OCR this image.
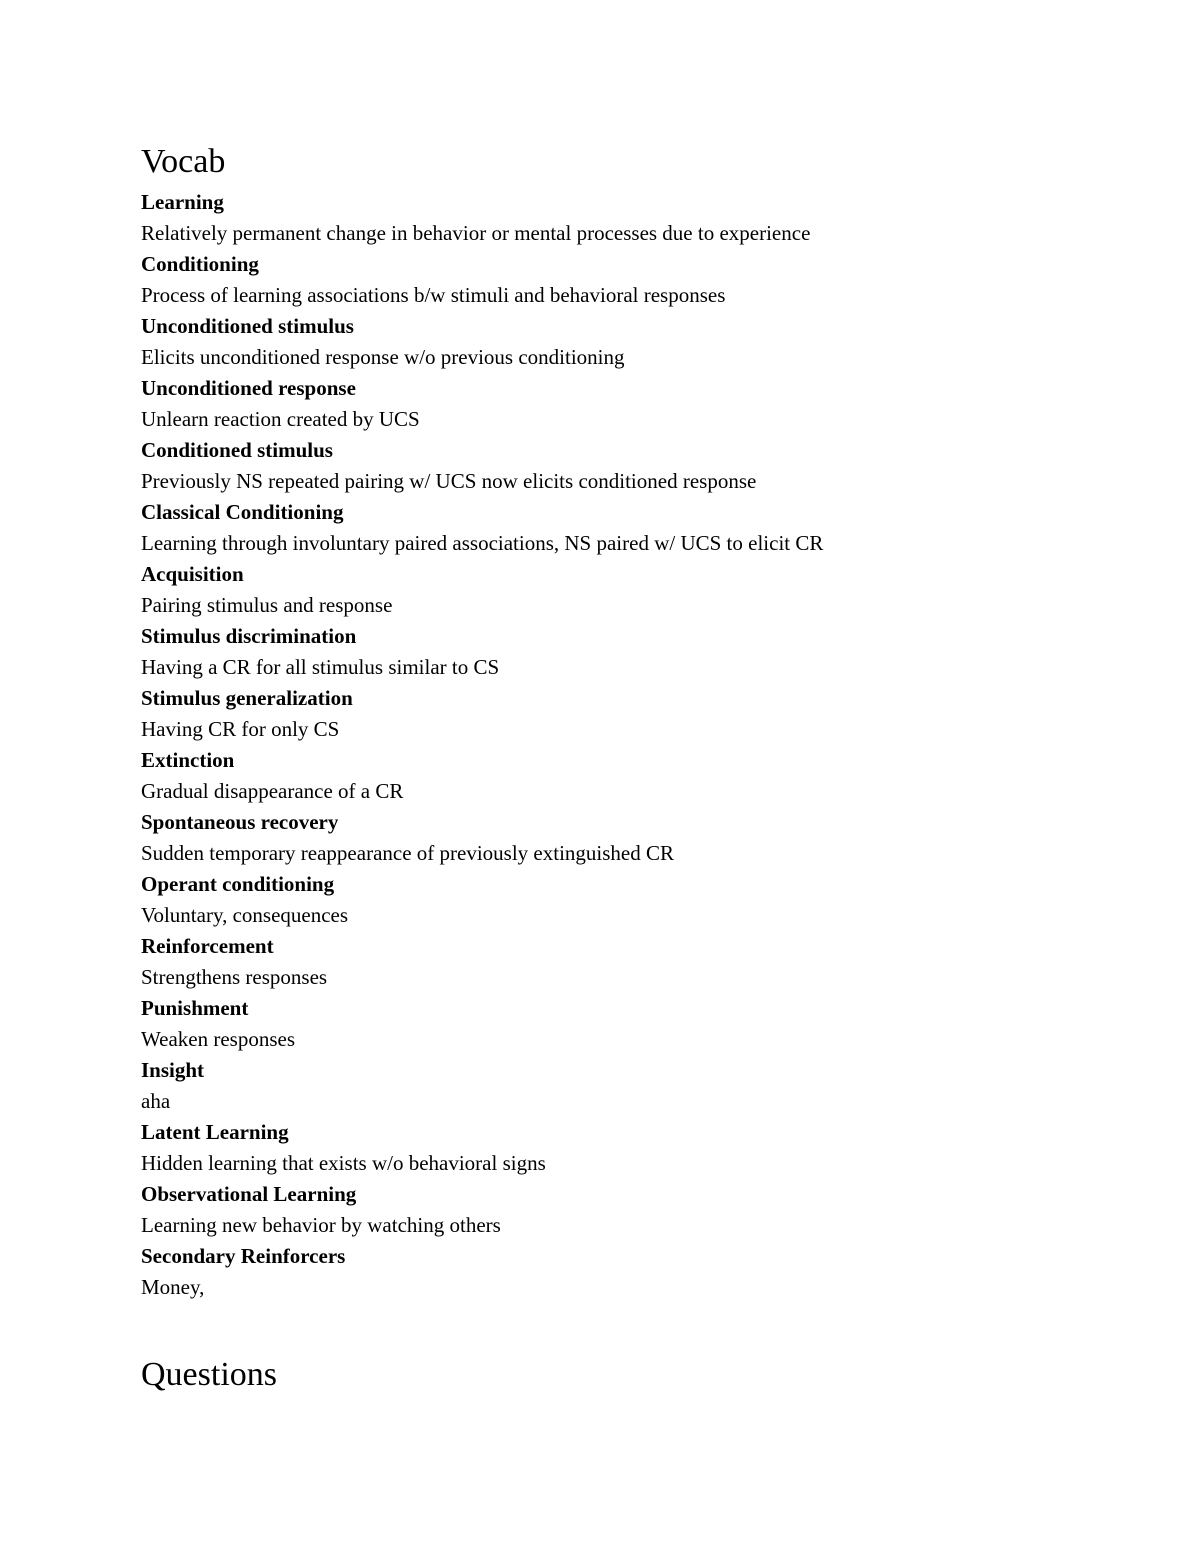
Vocab
Learning
Relatively permanent change in behavior or mental processes due to experience
Conditioning
Process of learning associations b/w stimuli and behavioral responses
Unconditioned stimulus
Elicits unconditioned response w/o previous conditioning
Unconditioned response
Unlearn reaction created by UCS
Conditioned stimulus
Previously NS repeated pairing w/ UCS now elicits conditioned response
Classical Conditioning
Learning through involuntary paired associations, NS paired w/ UCS to elicit CR
Acquisition
Pairing stimulus and response
Stimulus discrimination
Having a CR for all stimulus similar to CS
Stimulus generalization
Having CR for only CS
Extinction
Gradual disappearance of a CR
Spontaneous recovery
Sudden temporary reappearance of previously extinguished CR
Operant conditioning
Voluntary, consequences
Reinforcement
Strengthens responses
Punishment
Weaken responses
Insight
aha
Latent Learning
Hidden learning that exists w/o behavioral signs
Observational Learning
Learning new behavior by watching others
Secondary Reinforcers
Money,
Questions
